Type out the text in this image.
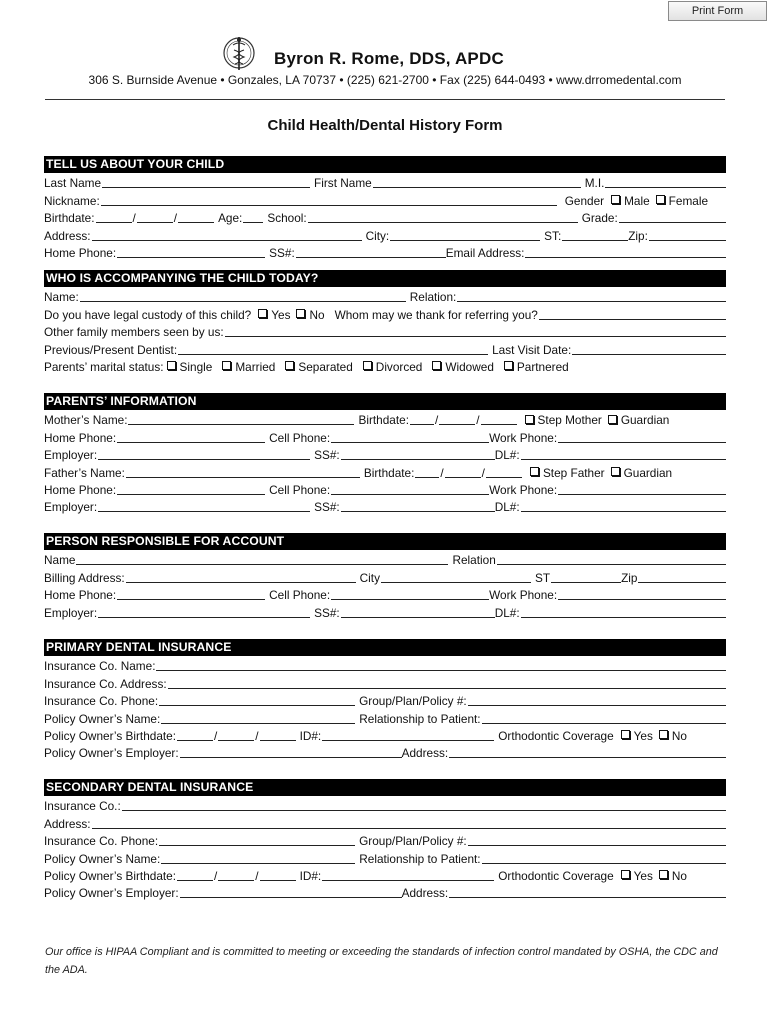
Print Form
Byron R. Rome, DDS, APDC
306 S. Burnside Avenue • Gonzales, LA 70737 • (225) 621-2700 • Fax (225) 644-0493 • www.drromedental.com
Child Health/Dental History Form
TELL US ABOUT YOUR CHILD
Last Name	First Name	M.I.
Nickname:	Gender Male Female
Birthdate:	/	/	Age: School:	Grade:
Address:	City:	ST:	Zip:
Home Phone:	SS#:	Email Address:
WHO IS ACCOMPANYING THE CHILD TODAY?
Name:	Relation:
Do you have legal custody of this child? Yes No Whom may we thank for referring you?
Other family members seen by us:
Previous/Present Dentist:	Last Visit Date:
Parents’ marital status: Single Married Separated Divorced Widowed Partnered
PARENTS’ INFORMATION
Mother’s Name:	Birthdate: /	/	Step Mother Guardian
Home Phone:	Cell Phone:	Work Phone:
Employer:	SS#:	DL#:
Father’s Name:	Birthdate: /	/	Step Father Guardian
Home Phone:	Cell Phone:	Work Phone:
Employer:	SS#:	DL#:
PERSON RESPONSIBLE FOR ACCOUNT
Name	Relation
Billing Address:	City	ST	Zip
Home Phone:	Cell Phone:	Work Phone:
Employer:	SS#:	DL#:
PRIMARY DENTAL INSURANCE
Insurance Co. Name:
Insurance Co. Address:
Insurance Co. Phone:	Group/Plan/Policy #:
Policy Owner’s Name:	Relationship to Patient:
Policy Owner’s Birthdate:	/	/	ID#:	Orthodontic Coverage Yes No
Policy Owner’s Employer:	Address:
SECONDARY DENTAL INSURANCE
Insurance Co.:
Address:
Insurance Co. Phone:	Group/Plan/Policy #:
Policy Owner’s Name:	Relationship to Patient:
Policy Owner’s Birthdate:	/	/	ID#:	Orthodontic Coverage Yes No
Policy Owner’s Employer:	Address:
Our office is HIPAA Compliant and is committed to meeting or exceeding the standards of infection control mandated by OSHA, the CDC and the ADA.
